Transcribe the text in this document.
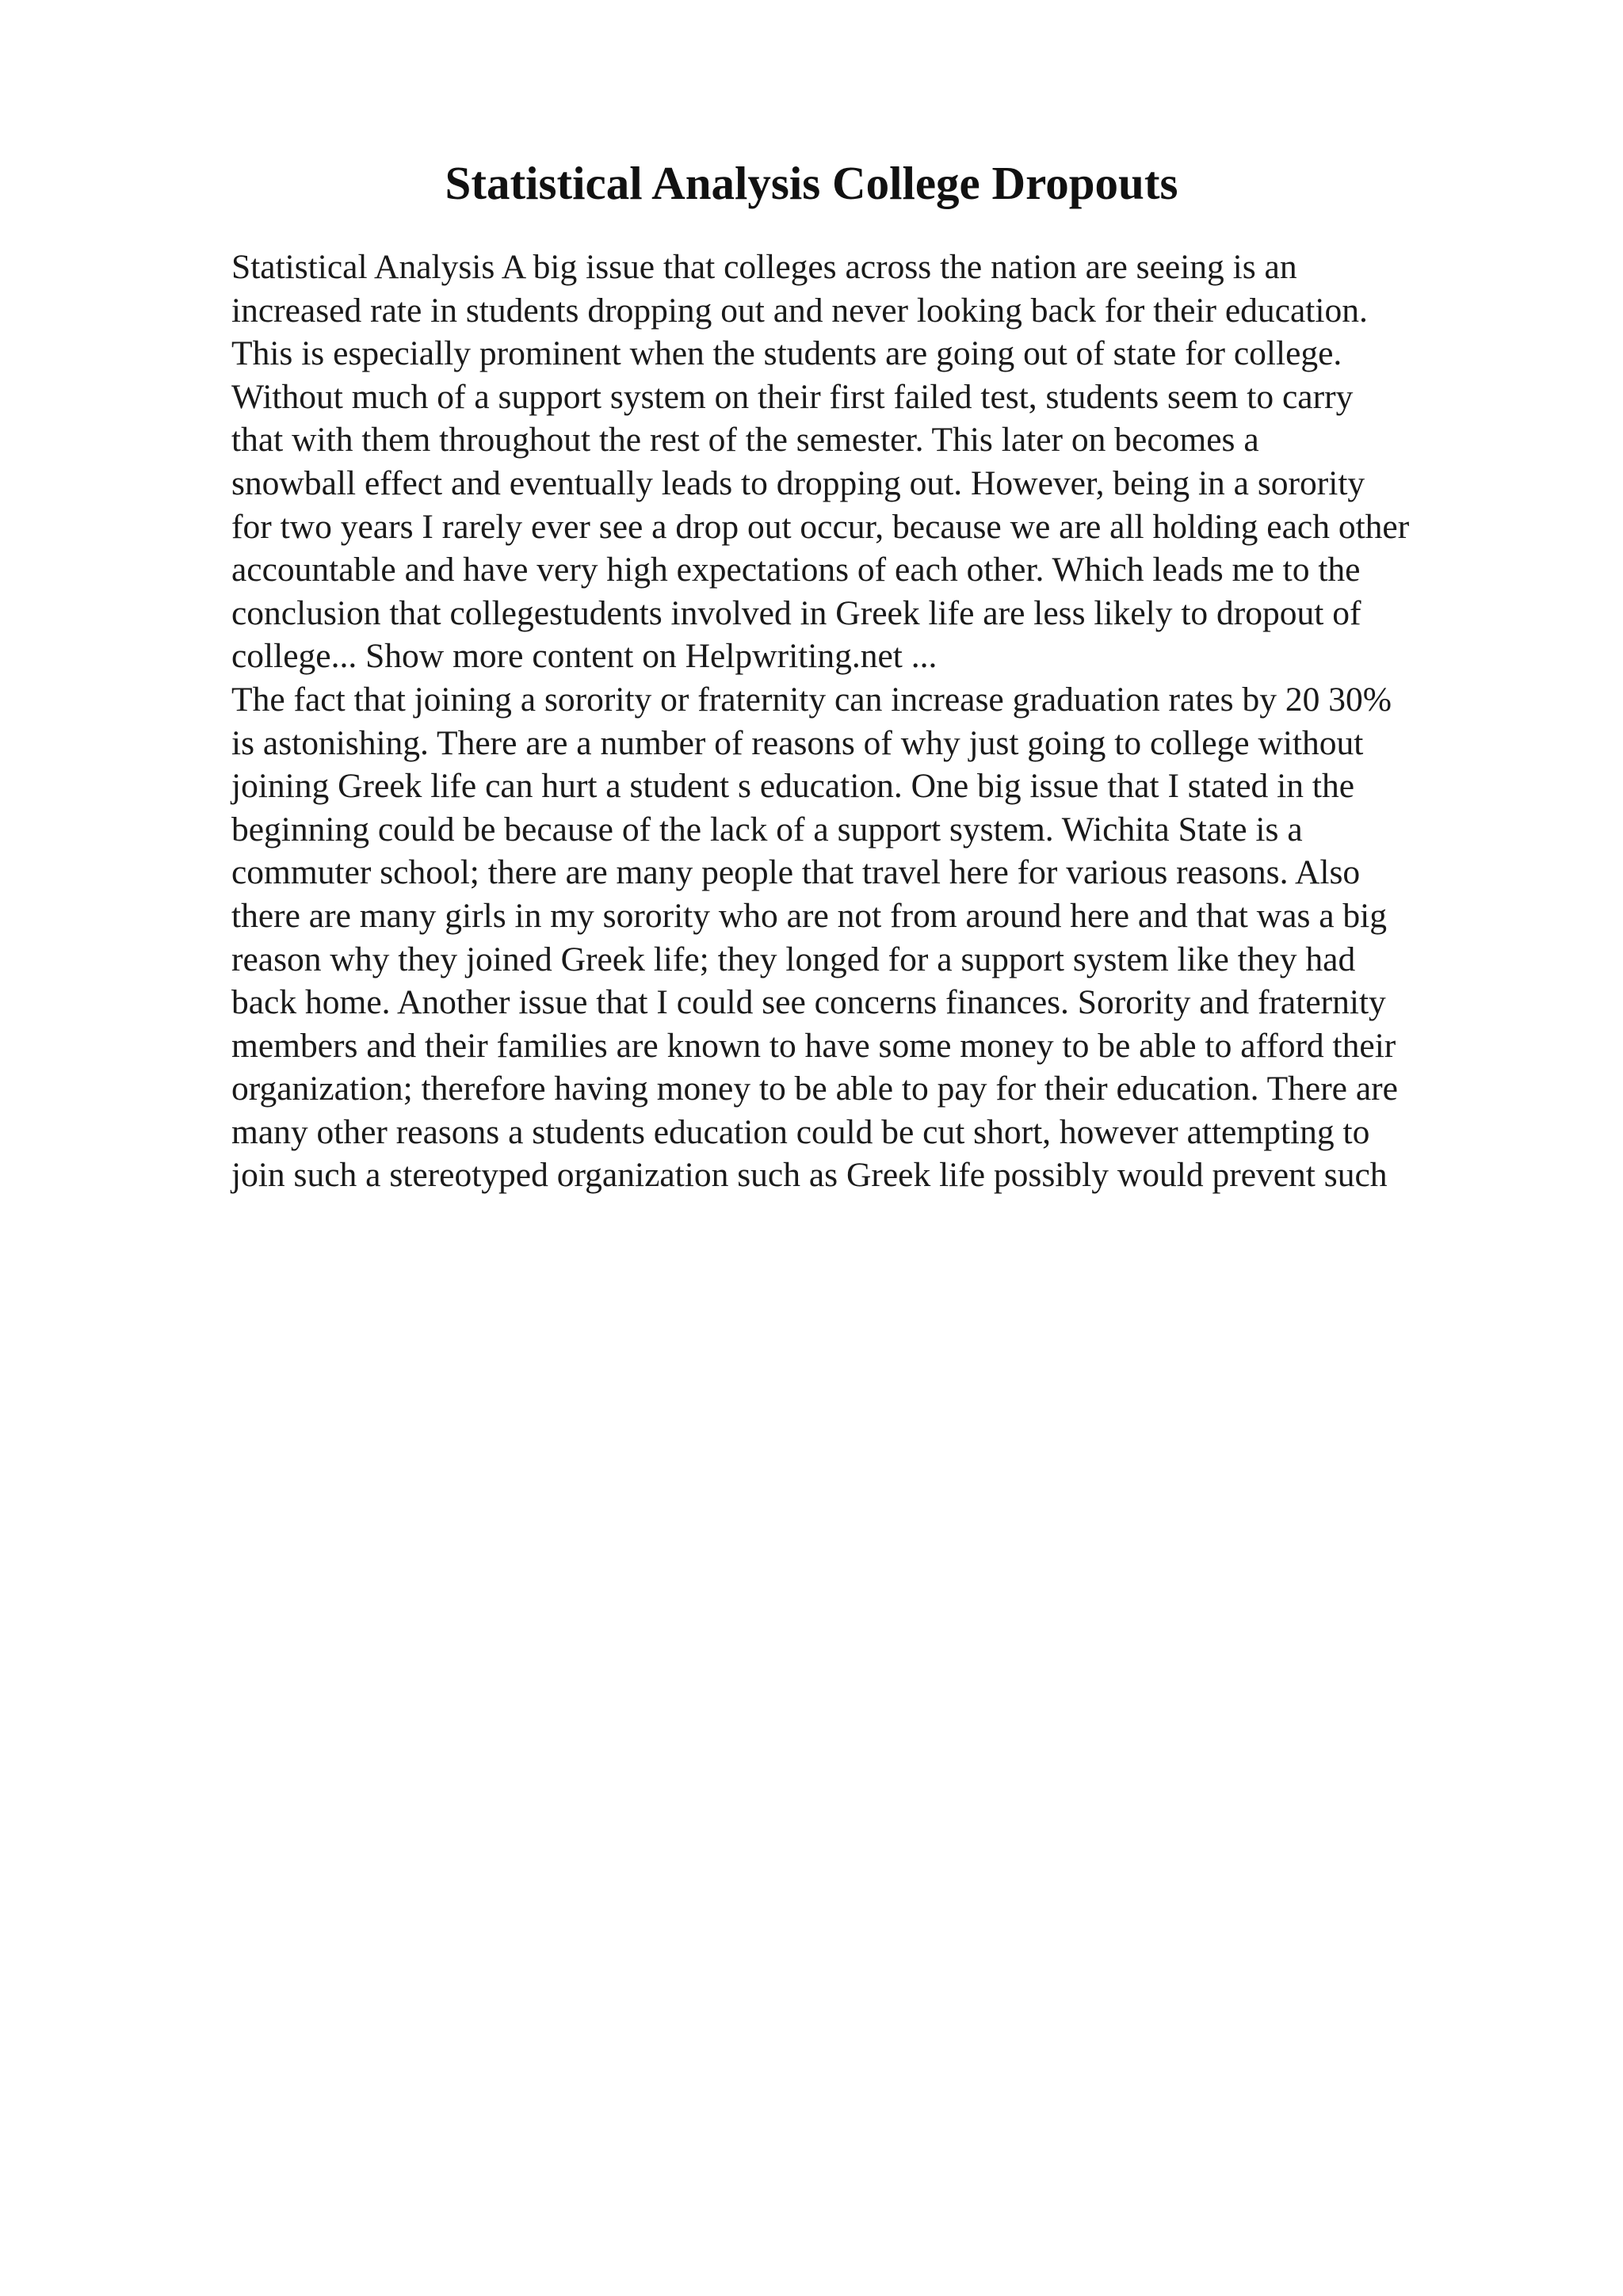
Statistical Analysis College Dropouts
Statistical Analysis A big issue that colleges across the nation are seeing is an
increased rate in students dropping out and never looking back for their education.
This is especially prominent when the students are going out of state for college.
Without much of a support system on their first failed test, students seem to carry
that with them throughout the rest of the semester. This later on becomes a
snowball effect and eventually leads to dropping out. However, being in a sorority
for two years I rarely ever see a drop out occur, because we are all holding each other
accountable and have very high expectations of each other. Which leads me to the
conclusion that collegestudents involved in Greek life are less likely to dropout of
college... Show more content on Helpwriting.net ...
The fact that joining a sorority or fraternity can increase graduation rates by 20 30%
is astonishing. There are a number of reasons of why just going to college without
joining Greek life can hurt a student s education. One big issue that I stated in the
beginning could be because of the lack of a support system. Wichita State is a
commuter school; there are many people that travel here for various reasons. Also
there are many girls in my sorority who are not from around here and that was a big
reason why they joined Greek life; they longed for a support system like they had
back home. Another issue that I could see concerns finances. Sorority and fraternity
members and their families are known to have some money to be able to afford their
organization; therefore having money to be able to pay for their education. There are
many other reasons a students education could be cut short, however attempting to
join such a stereotyped organization such as Greek life possibly would prevent such
